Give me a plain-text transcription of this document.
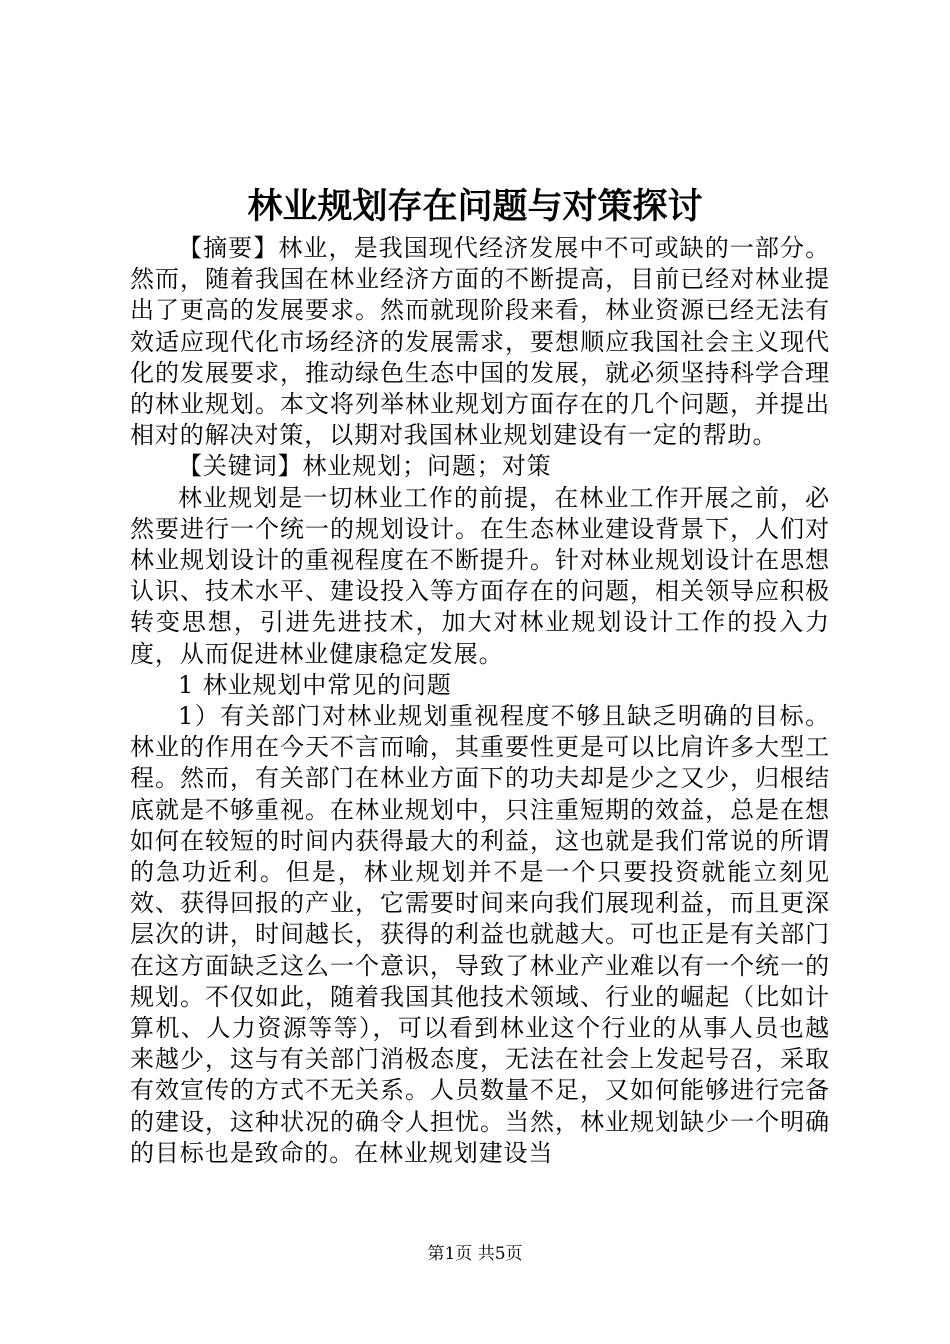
林业规划存在问题与对策探讨

【摘要】林业，是我国现代经济发展中不可或缺的一部分。然而，随着我国在林业经济方面的不断提高，目前已经对林业提出了更高的发展要求。然而就现阶段来看，林业资源已经无法有效适应现代化市场经济的发展需求，要想顺应我国社会主义现代化的发展要求，推动绿色生态中国的发展，就必须坚持科学合理的林业规划。本文将列举林业规划方面存在的几个问题，并提出相对的解决对策，以期对我国林业规划建设有一定的帮助。

【关键词】林业规划；问题；对策

林业规划是一切林业工作的前提，在林业工作开展之前，必然要进行一个统一的规划设计。在生态林业建设背景下，人们对林业规划设计的重视程度在不断提升。针对林业规划设计在思想认识、技术水平、建设投入等方面存在的问题，相关领导应积极转变思想，引进先进技术，加大对林业规划设计工作的投入力度，从而促进林业健康稳定发展。

1 林业规划中常见的问题

1）有关部门对林业规划重视程度不够且缺乏明确的目标。林业的作用在今天不言而喻，其重要性更是可以比肩许多大型工程。然而，有关部门在林业方面下的功夫却是少之又少，归根结底就是不够重视。在林业规划中，只注重短期的效益，总是在想如何在较短的时间内获得最大的利益，这也就是我们常说的所谓的急功近利。但是，林业规划并不是一个只要投资就能立刻见效、获得回报的产业，它需要时间来向我们展现利益，而且更深层次的讲，时间越长，获得的利益也就越大。可也正是有关部门在这方面缺乏这么一个意识，导致了林业产业难以有一个统一的规划。不仅如此，随着我国其他技术领域、行业的崛起（比如计算机、人力资源等等），可以看到林业这个行业的从事人员也越来越少，这与有关部门消极态度，无法在社会上发起号召，采取有效宣传的方式不无关系。人员数量不足，又如何能够进行完备的建设，这种状况的确令人担忧。当然，林业规划缺少一个明确的目标也是致命的。在林业规划建设当

第1页 共5页
